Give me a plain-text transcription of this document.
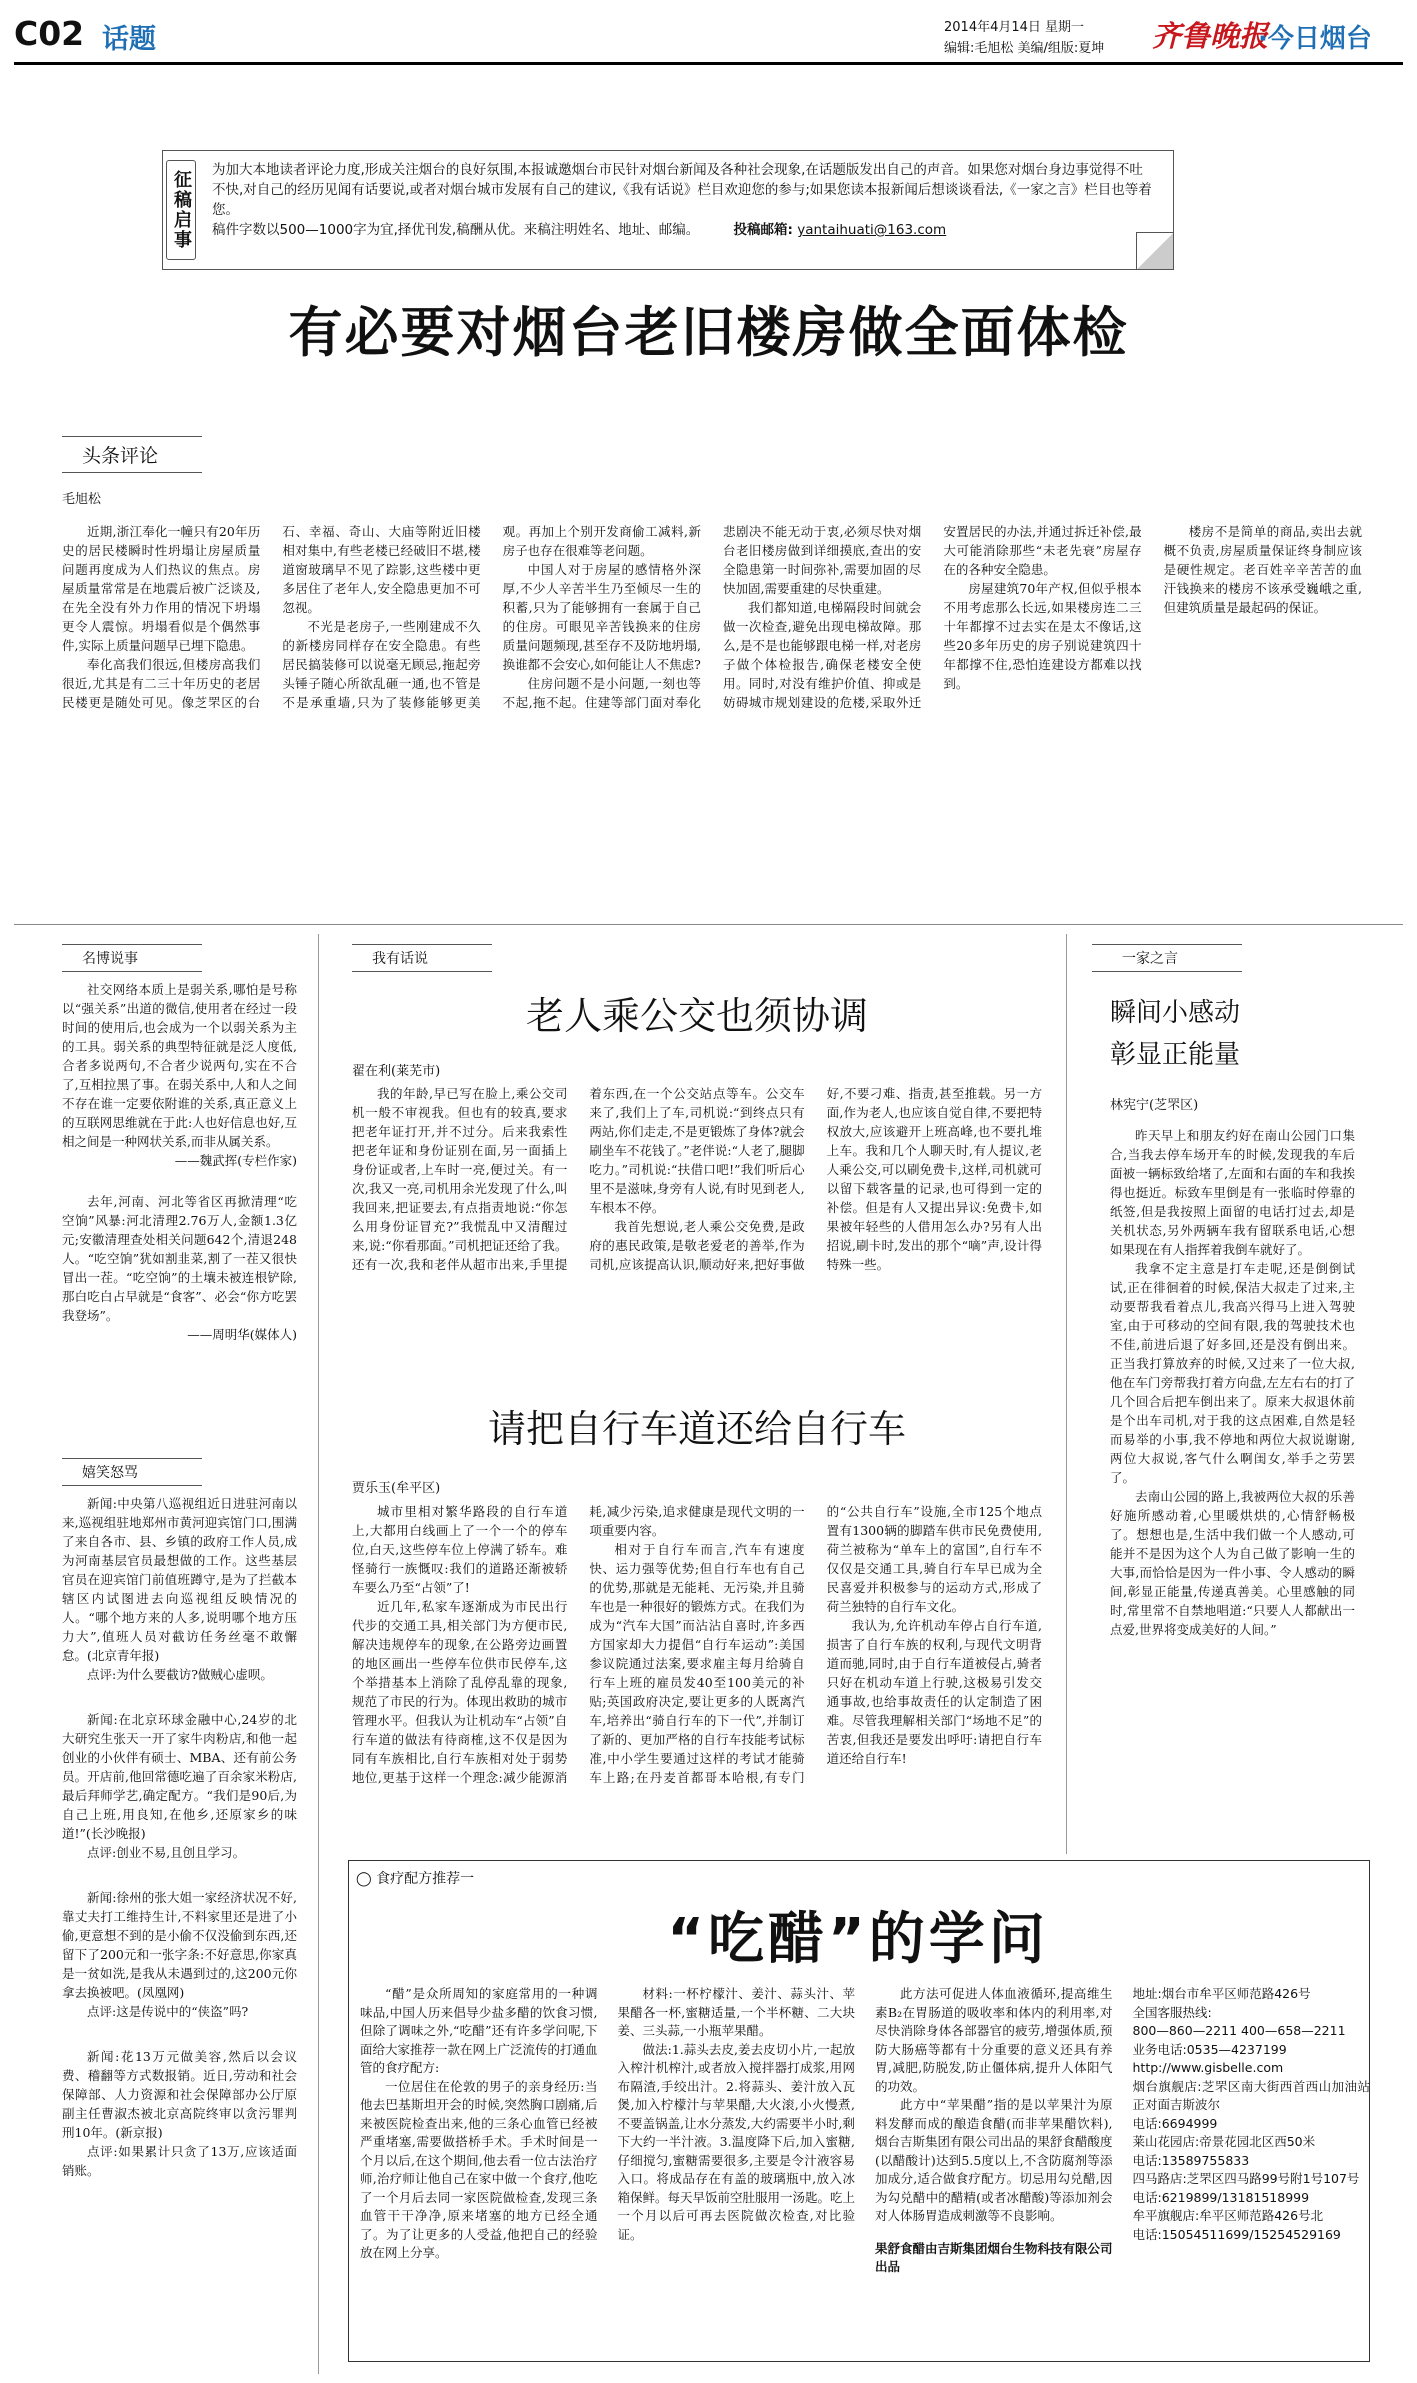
C02 话题	2014年4月14日 星期一
编辑:毛旭松 美编/组版:夏坤 齐鲁晚报
·今日烟台
征稿启事 为加大本地读者评论力度,形成关注烟台的良好氛围,本报诚邀烟台市民针对烟台新闻及各种社会现象,在话题版发出自己的声音。如果您对烟台身边事觉得不吐不快,对自己的经历见闻有话要说,或者对烟台城市发展有自己的建议,《我有话说》栏目欢迎您的参与;如果您读本报新闻后想谈谈看法,《一家之言》栏目也等着您。
稿件字数以500—1000字为宜,择优刊发,稿酬从优。来稿注明姓名、地址、邮编。	投稿邮箱: yantaihuati@163.com
有必要对烟台老旧楼房做全面体检
头条评论
毛旭松

近期,浙江奉化一幢只有20年历史的居民楼瞬时性坍塌让房屋质量问题再度成为人们热议的焦点。房屋质量常常是在地震后被广泛谈及,在先全没有外力作用的情况下坍塌更令人震惊。坍塌看似是个偶然事件,实际上质量问题早已埋下隐患。

奉化高我们很远,但楼房高我们很近,尤其是有二三十年历史的老居民楼更是随处可见。像芝罘区的台石、幸福、奇山、大庙等附近旧楼相对集中,有些老楼已经破旧不堪,楼道窗玻璃早不见了踪影,这些楼中更多居住了老年人,安全隐患更加不可忽视。

不光是老房子,一些刚建成不久的新楼房同样存在安全隐患。有些居民搞装修可以说毫无顾忌,拖起旁头锤子随心所欲乱砸一通,也不管是不是承重墙,只为了装修能够更美观。再加上个别开发商偷工减料,新房子也存在很难等老问题。

中国人对于房屋的感情格外深厚,不少人辛苦半生乃至倾尽一生的积蓄,只为了能够拥有一套属于自己的住房。可眼见辛苦钱换来的住房质量问题频现,甚至存不及防地坍塌,换谁都不会安心,如何能让人不焦虑?

住房问题不是小问题,一刻也等不起,拖不起。住建等部门面对奉化悲剧决不能无动于衷,必须尽快对烟台老旧楼房做到详细摸底,查出的安全隐患第一时间弥补,需要加固的尽快加固,需要重建的尽快重建。

我们都知道,电梯隔段时间就会做一次检查,避免出现电梯故障。那么,是不是也能够跟电梯一样,对老房子做个体检报告,确保老楼安全使用。同时,对没有维护价值、抑或是妨碍城市规划建设的危楼,采取外迁安置居民的办法,并通过拆迁补偿,最大可能消除那些“未老先衰”房屋存在的各种安全隐患。

房屋建筑70年产权,但似乎根本不用考虑那么长远,如果楼房连二三十年都撑不过去实在是太不像话,这些20多年历史的房子别说建筑四十年都撑不住,恐怕连建设方都难以找到。

楼房不是简单的商品,卖出去就概不负责,房屋质量保证终身制应该是硬性规定。老百姓辛辛苦苦的血汗钱换来的楼房不该承受巍峨之重,但建筑质量是最起码的保证。

名博说事

社交网络本质上是弱关系,哪怕是号称以“强关系”出道的微信,使用者在经过一段时间的使用后,也会成为一个以弱关系为主的工具。弱关系的典型特征就是泛人度低,合者多说两句,不合者少说两句,实在不合了,互相拉黑了事。在弱关系中,人和人之间不存在谁一定要依附谁的关系,真正意义上的互联网思维就在于此:人也好信息也好,互相之间是一种网状关系,而非从属关系。

——魏武挥(专栏作家)

去年,河南、河北等省区再掀清理“吃空饷”风暴:河北清理2.76万人,金额1.3亿元;安徽清理查处相关问题642个,清退248人。“吃空饷”犹如割韭菜,割了一茬又很快冒出一茬。“吃空饷”的土壤未被连根铲除,那白吃白占早就是“食客”、必会“你方吃罢我登场”。

——周明华(媒体人)
嬉笑怒骂

新闻:中央第八巡视组近日进驻河南以来,巡视组驻地郑州市黄河迎宾馆门口,围满了来自各市、县、乡镇的政府工作人员,成为河南基层官员最想做的工作。这些基层官员在迎宾馆门前值班蹲守,是为了拦截本辖区内试图进去向巡视组反映情况的人。“哪个地方来的人多,说明哪个地方压力大”,值班人员对截访任务丝毫不敢懈怠。(北京青年报)

点评:为什么要截访?做贼心虚呗。

新闻:在北京环球金融中心,24岁的北大研究生张天一开了家牛肉粉店,和他一起创业的小伙伴有硕士、MBA、还有前公务员。开店前,他回常德吃遍了百余家米粉店,最后拜师学艺,确定配方。“我们是90后,为自己上班,用良知,在他乡,还原家乡的味道!”(长沙晚报)

点评:创业不易,且创且学习。

新闻:徐州的张大姐一家经济状况不好,靠丈夫打工维持生计,不料家里还是进了小偷,更意想不到的是小偷不仅没偷到东西,还留下了200元和一张字条:不好意思,你家真是一贫如洗,是我从未遇到过的,这200元你拿去换被吧。(凤凰网)

点评:这是传说中的“侠盗”吗?

新闻:花13万元做美容,然后以会议费、稽翻等方式数报销。近日,劳动和社会保障部、人力资源和社会保障部办公厅原副主任曹淑杰被北京高院终审以贪污罪判刑10年。(新京报)

点评:如果累计只贪了13万,应该适面销账。

我有话说
老人乘公交也须协调
翟在利(莱芜市)

我的年龄,早已写在脸上,乘公交司机一般不审视我。但也有的较真,要求把老年证打开,并不过分。后来我索性把老年证和身份证别在面,另一面插上身份证或者,上车时一亮,便过关。有一次,我又一亮,司机用余光发现了什么,叫我回来,把证要去,有点指责地说:“你怎么用身份证冒充?”我慌乱中又清醒过来,说:“你看那面。”司机把证还给了我。还有一次,我和老伴从超市出来,手里提着东西,在一个公交站点等车。公交车来了,我们上了车,司机说:“到终点只有两站,你们走走,不是更锻炼了身体?就会刷坐车不花钱了。”老伴说:“人老了,腿脚吃力。”司机说:“扶借口吧!”我们听后心里不是滋味,身旁有人说,有时见到老人,车根本不停。

我首先想说,老人乘公交免费,是政府的惠民政策,是敬老爱老的善举,作为司机,应该提高认识,顺动好来,把好事做好,不要刁难、指责,甚至推载。另一方面,作为老人,也应该自觉自律,不要把特权放大,应该避开上班高峰,也不要扎堆上车。我和几个人聊天时,有人提议,老人乘公交,可以刷免费卡,这样,司机就可以留下载客量的记录,也可得到一定的补偿。但是有人又提出异议:免费卡,如果被年轻些的人借用怎么办?另有人出招说,刷卡时,发出的那个“嘀”声,设计得特殊一些。

请把自行车道还给自行车
贾乐玉(牟平区)

城市里相对繁华路段的自行车道上,大都用白线画上了一个一个的停车位,白天,这些停车位上停满了轿车。难怪骑行一族慨叹:我们的道路还渐被轿车要么乃至“占领”了!

近几年,私家车逐渐成为市民出行代步的交通工具,相关部门为方便市民,解决违规停车的现象,在公路旁边画置的地区画出一些停车位供市民停车,这个举措基本上消除了乱停乱靠的现象,规范了市民的行为。体现出救助的城市管理水平。但我认为让机动车“占领”自行车道的做法有待商榷,这不仅是因为同有车族相比,自行车族相对处于弱势地位,更基于这样一个理念:减少能源消耗,减少污染,追求健康是现代文明的一项重要内容。

相对于自行车而言,汽车有速度快、运力强等优势;但自行车也有自己的优势,那就是无能耗、无污染,并且骑车也是一种很好的锻炼方式。在我们为成为“汽车大国”而沾沾自喜时,许多西方国家却大力提倡“自行车运动”:美国参议院通过法案,要求雇主每月给骑自行车上班的雇员发40至100美元的补贴;英国政府决定,要让更多的人既离汽车,培养出“骑自行车的下一代”,并制订了新的、更加严格的自行车技能考试标准,中小学生要通过这样的考试才能骑车上路;在丹麦首都哥本哈根,有专门的“公共自行车”设施,全市125个地点置有1300辆的脚踏车供市民免费使用,荷兰被称为“单车上的富国”,自行车不仅仅是交通工具,骑自行车早已成为全民喜爱并积极参与的运动方式,形成了荷兰独特的自行车文化。

我认为,允许机动车停占自行车道,损害了自行车族的权利,与现代文明背道而驰,同时,由于自行车道被侵占,骑者只好在机动车道上行驶,这极易引发交通事故,也给事故责任的认定制造了困难。尽管我理解相关部门“场地不足”的苦衷,但我还是要发出呼吁:请把自行车道还给自行车!

一家之言
瞬间小感动
彰显正能量
林宪宁(芝罘区)

昨天早上和朋友约好在南山公园门口集合,当我去停车场开车的时候,发现我的车后面被一辆标致给堵了,左面和右面的车和我挨得也挺近。标致车里倒是有一张临时停靠的纸签,但是我按照上面留的电话打过去,却是关机状态,另外两辆车我有留联系电话,心想如果现在有人指挥着我倒车就好了。

我拿不定主意是打车走呢,还是倒倒试试,正在徘徊着的时候,保洁大叔走了过来,主动要帮我看着点儿,我高兴得马上进入驾驶室,由于可移动的空间有限,我的驾驶技术也不佳,前进后退了好多回,还是没有倒出来。正当我打算放弃的时候,又过来了一位大叔,他在车门旁帮我打着方向盘,左左右右的打了几个回合后把车倒出来了。原来大叔退休前是个出车司机,对于我的这点困难,自然是轻而易举的小事,我不停地和两位大叔说谢谢,两位大叔说,客气什么啊闺女,举手之劳罢了。

去南山公园的路上,我被两位大叔的乐善好施所感动着,心里暖烘烘的,心情舒畅极了。想想也是,生活中我们做一个人感动,可能并不是因为这个人为自己做了影响一生的大事,而恰恰是因为一件小事、令人感动的瞬间,彰显正能量,传递真善美。心里感触的同时,常里常不自禁地唱道:“只要人人都献出一点爱,世界将变成美好的人间。”

◯ 食疗配方推荐一
“吃醋”的学问

“醋”是众所周知的家庭常用的一种调味品,中国人历来倡导少盐多醋的饮食习惯,但除了调味之外,“吃醋”还有许多学问呢,下面给大家推荐一款在网上广泛流传的打通血管的食疗配方:

一位居住在伦敦的男子的亲身经历:当他去巴基斯坦开会的时候,突然胸口剧痛,后来被医院检查出来,他的三条心血管已经被严重堵塞,需要做搭桥手术。手术时间是一个月以后,在这个期间,他去看一位古法治疗师,治疗师让他自己在家中做一个食疗,他吃了一个月后去同一家医院做检查,发现三条血管干干净净,原来堵塞的地方已经全通了。为了让更多的人受益,他把自己的经验放在网上分享。

材料:一杯柠檬汁、姜汁、蒜头汁、苹果醋各一杯,蜜糖适量,一个半杯糖、二大块姜、三头蒜,一小瓶苹果醋。

做法:1.蒜头去皮,姜去皮切小片,一起放入榨汁机榨汁,或者放入搅拌器打成浆,用网布隔渣,手绞出汁。2.将蒜头、姜汁放入瓦煲,加入柠檬汁与苹果醋,大火滚,小火慢煮,不要盖锅盖,让水分蒸发,大约需要半小时,剩下大约一半汁液。3.温度降下后,加入蜜糖,仔细搅匀,蜜糖需要很多,主要是令汁液容易入口。将成品存在有盖的玻璃瓶中,放入冰箱保鲜。每天早饭前空肚服用一汤匙。吃上一个月以后可再去医院做次检查,对比验证。

此方法可促进人体血液循环,提高维生素B₂在胃肠道的吸收率和体内的利用率,对尽快消除身体各部器官的疲劳,增强体质,预防大肠癌等都有十分重要的意义还具有养胃,减肥,防脱发,防止僵体病,提升人体阳气的功效。

此方中“苹果醋”指的是以苹果汁为原料发酵而成的酿造食醋(而非苹果醋饮料),烟台吉斯集团有限公司出品的果舒食醋酸度(以醋酸计)达到5.5度以上,不含防腐剂等添加成分,适合做食疗配方。切忌用勾兑醋,因为勾兑醋中的醋精(或者冰醋酸)等添加剂会对人体肠胃造成刺激等不良影响。

果舒食醋由吉斯集团烟台生物科技有限公司出品

地址:烟台市牟平区师范路426号

全国客服热线:

800—860—2211 400—658—2211

业务电话:0535—4237199

http://www.gisbelle.com

烟台旗舰店:芝罘区南大街西首西山加油站正对面吉斯波尔

电话:6694999

莱山花园店:帝景花园北区西50米

电话:13589755833

四马路店:芝罘区四马路99号附1号107号

电话:6219899/13181518999

牟平旗舰店:牟平区师范路426号北

电话:15054511699/15254529169
